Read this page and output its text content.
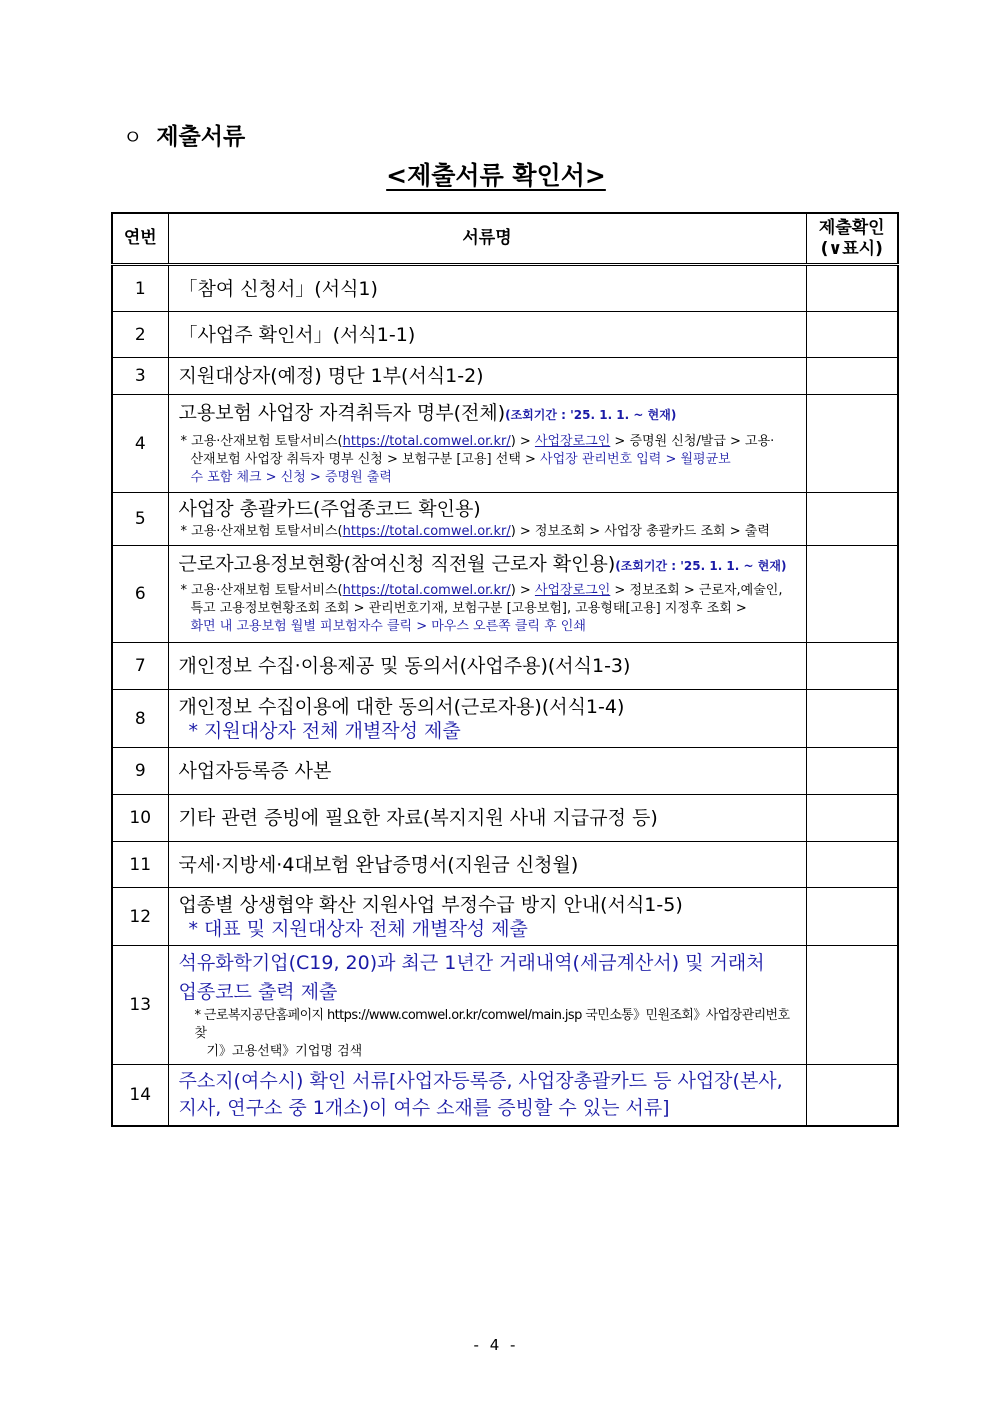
ㅇ 제출서류
<제출서류 확인서>
연번	서류명	제출확인
(∨표시)

1	「참여 신청서」(서식1)	
2	「사업주 확인서」(서식1-1)	
3	지원대상자(예정) 명단 1부(서식1-2)	
4	고용보험 사업장 자격취득자 명부(전체)(조회기간 : '25. 1. 1. ~ 현재)
* 고용·산재보험 토탈서비스(https://total.comwel.or.kr/) > 사업장로그인 > 증명원 신청/발급 > 고용·
산재보험 사업장 취득자 명부 신청 > 보험구분 [고용] 선택 > 사업장 관리번호 입력 > 월평균보
수 포함 체크 > 신청 > 증명원 출력	

5	사업장 총괄카드(주업종코드 확인용)
* 고용·산재보험 토탈서비스(https://total.comwel.or.kr/) > 정보조회 > 사업장 총괄카드 조회 > 출력	

6	근로자고용정보현황(참여신청 직전월 근로자 확인용)(조회기간 : '25. 1. 1. ~ 현재)
* 고용·산재보험 토탈서비스(https://total.comwel.or.kr/) > 사업장로그인 > 정보조회 > 근로자,예술인,
특고 고용정보현황조회 조회 > 관리번호기재, 보험구분 [고용보험], 고용형태[고용] 지정후 조회 >
화면 내 고용보험 월별 피보험자수 클릭 > 마우스 오른쪽 클릭 후 인쇄	

7	개인정보 수집·이용제공 및 동의서(사업주용)(서식1-3)	
8	개인정보 수집이용에 대한 동의서(근로자용)(서식1-4)
* 지원대상자 전체 개별작성 제출	

9	사업자등록증 사본	
10	기타 관련 증빙에 필요한 자료(복지지원 사내 지급규정 등)	
11	국세·지방세·4대보험 완납증명서(지원금 신청월)	
12	업종별 상생협약 확산 지원사업 부정수급 방지 안내(서식1-5)
* 대표 및 지원대상자 전체 개별작성 제출	

13	석유화학기업(C19, 20)과 최근 1년간 거래내역(세금계산서) 및 거래처
업종코드 출력 제출
* 근로복지공단홈페이지 https://www.comwel.or.kr/comwel/main.jsp 국민소통》민원조회》사업장관리번호찾
기》고용선택》기업명 검색	

14	주소지(여수시) 확인 서류[사업자등록증, 사업장총괄카드 등 사업장(본사,
지사, 연구소 중 1개소)이 여수 소재를 증빙할 수 있는 서류]	

- 4 -
